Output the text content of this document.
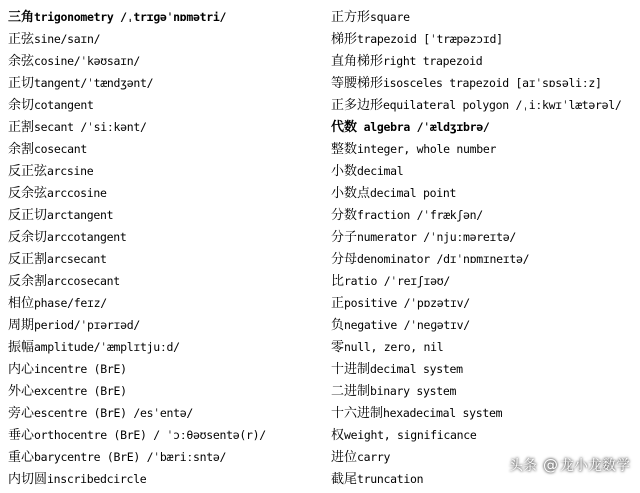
三角trigonometry /ˌtrɪɡəˈnɒmətri/
正弦sine/saɪn/
余弦cosine/ˈkəʊsaɪn/
正切tangent/ˈtændʒənt/
余切cotangent
正割secant /ˈsiːkənt/
余割cosecant
反正弦arcsine
反余弦arccosine
反正切arctangent
反余切arccotangent
反正割arcsecant
反余割arccosecant
相位phase/feɪz/
周期period/ˈpɪərɪəd/
振幅amplitude/ˈæmplɪtjuːd/
内心incentre (BrE)
外心excentre (BrE)
旁心escentre (BrE) /esˈentə/
垂心orthocentre (BrE) / ˈɔːθəʊsentə(r)/
重心barycentre (BrE) /ˈbæriːsntə/
内切圆inscribedcircle
正方形square
梯形trapezoid [ˈtræpəzɔɪd]
直角梯形right trapezoid
等腰梯形isosceles trapezoid [aɪˈsɒsəliːz]
正多边形equilateral polygon /ˌiːkwɪˈlætərəl/
代数 algebra /ˈældʒɪbrə/
整数integer, whole number
小数decimal
小数点decimal point
分数fraction /ˈfrækʃən/
分子numerator /ˈnjuːməreɪtə/
分母denominator /dɪˈnɒmɪneɪtə/
比ratio /ˈreɪʃɪəʊ/
正positive /ˈpɒzətɪv/
负negative /ˈneɡətɪv/
零null, zero, nil
十进制decimal system
二进制binary system
十六进制hexadecimal system
权weight, significance
进位carry
截尾truncation
头条 @ 龙小龙数学
